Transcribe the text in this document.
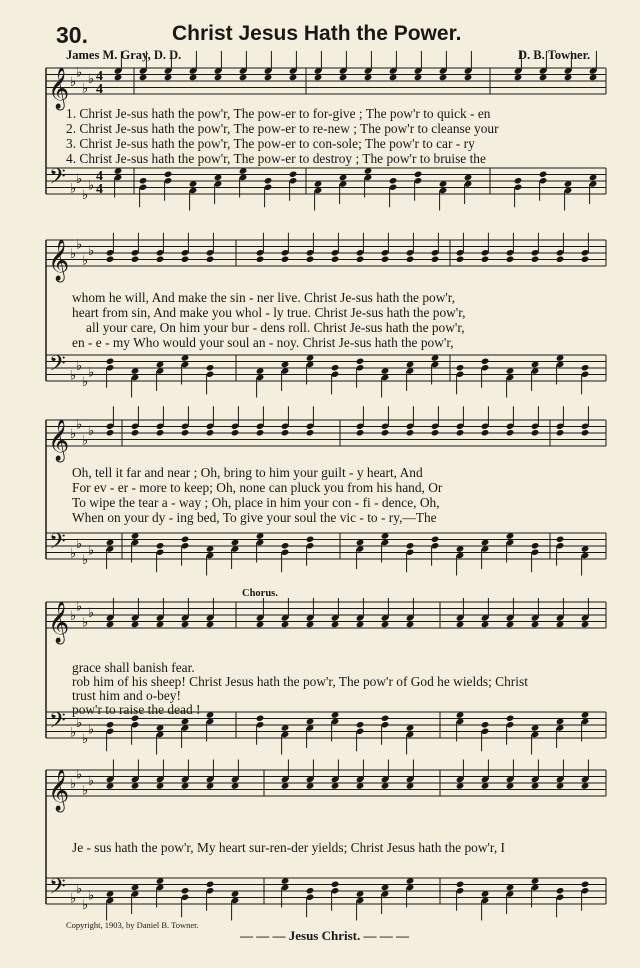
30.	Christ Jesus Hath the Power.
James M. Gray, D. D.	D. B. Towner.
𝄞
𝄢
♭
♭
♭
♭
♭
♭
♭
♭
4
4
4
4
𝄞
𝄢
♭
♭
♭
♭
♭
♭
♭
♭
𝄞
𝄢
♭
♭
♭
♭
♭
♭
♭
♭
𝄞
𝄢
♭
♭
♭
♭
♭
♭
♭
♭
𝄞
𝄢
♭
♭
♭
♭
♭
♭
♭
♭
1. Christ Je-sus hath the pow'r, The pow-er to for-give ; The pow'r to quick - en
2. Christ Je-sus hath the pow'r, The pow-er to re-new ; The pow'r to cleanse your
3. Christ Je-sus hath the pow'r, The pow-er to con-sole; The pow'r to car - ry
4. Christ Je-sus hath the pow'r, The pow-er to destroy ; The pow'r to bruise the
whom he will, And make the sin - ner live. Christ Je-sus hath the pow'r,
heart from sin, And make you whol - ly true. Christ Je-sus hath the pow'r,
all your care, On him your bur - dens roll. Christ Je-sus hath the pow'r,
en - e - my Who would your soul an - noy. Christ Je-sus hath the pow'r,
Oh, tell it far and near ; Oh, bring to him your guilt - y heart, And
For ev - er - more to keep; Oh, none can pluck you from his hand, Or
To wipe the tear a - way ; Oh, place in him your con - fi - dence, Oh,
When on your dy - ing bed, To give your soul the vic - to - ry,—The
Chorus.
grace shall banish fear.
rob him of his sheep! Christ Jesus hath the pow'r, The pow'r of God he wields; Christ
trust him and o-bey!
pow'r to raise the dead !
Je - sus hath the pow'r, My heart sur-ren-der yields; Christ Jesus hath the pow'r, I
Copyright, 1903, by Daniel B. Towner.
— — — Jesus Christ. — — —
